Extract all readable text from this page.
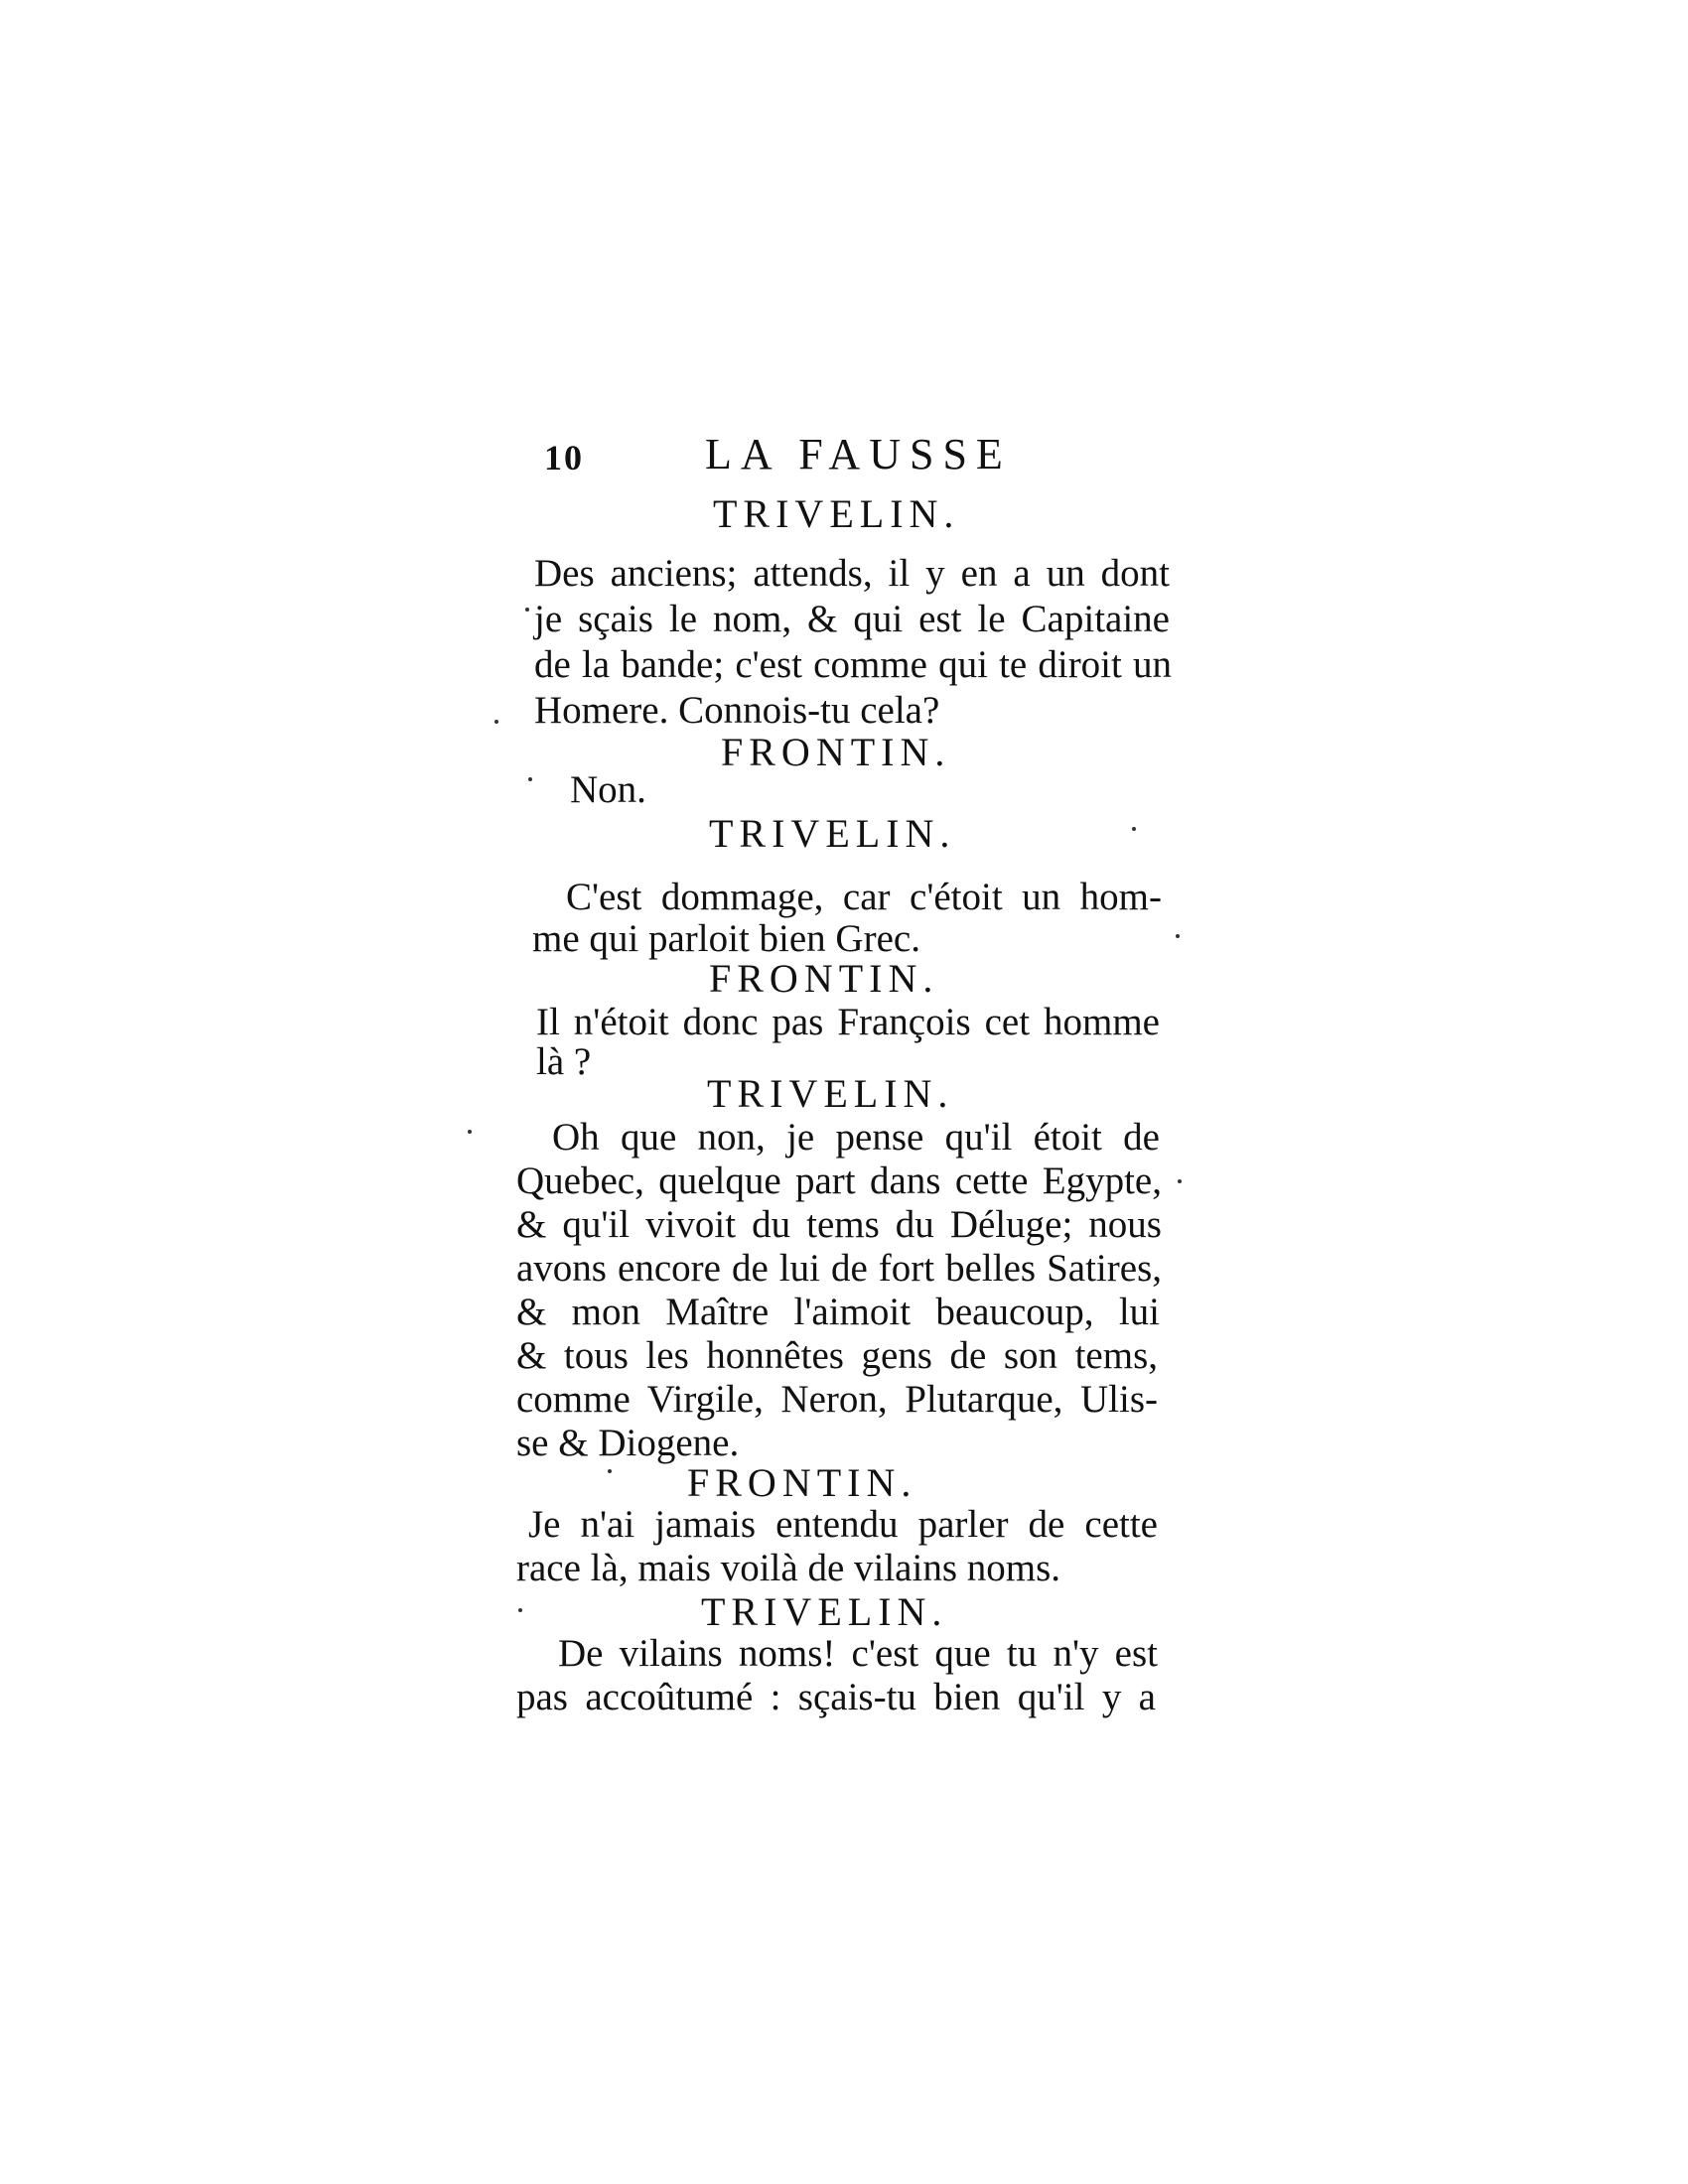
10	LA FAUSSE
TRIVELIN.
Des anciens; attends, il y en a un dont
je sçais le nom, & qui est le Capitaine
de la bande; c'est comme qui te diroit un
Homere. Connois-tu cela?
FRONTIN.
Non.
TRIVELIN.
C'est dommage, car c'étoit un hom-
me qui parloit bien Grec.
FRONTIN.
Il n'étoit donc pas François cet homme
là ?
TRIVELIN.
Oh que non, je pense qu'il étoit de
Quebec, quelque part dans cette Egypte,
& qu'il vivoit du tems du Déluge; nous
avons encore de lui de fort belles Satires,
& mon Maître l'aimoit beaucoup, lui
& tous les honnêtes gens de son tems,
comme Virgile, Neron, Plutarque, Ulis-
se & Diogene.
FRONTIN.
Je n'ai jamais entendu parler de cette
race là, mais voilà de vilains noms.
TRIVELIN.
De vilains noms! c'est que tu n'y est
pas accoûtumé : sçais-tu bien qu'il y a
